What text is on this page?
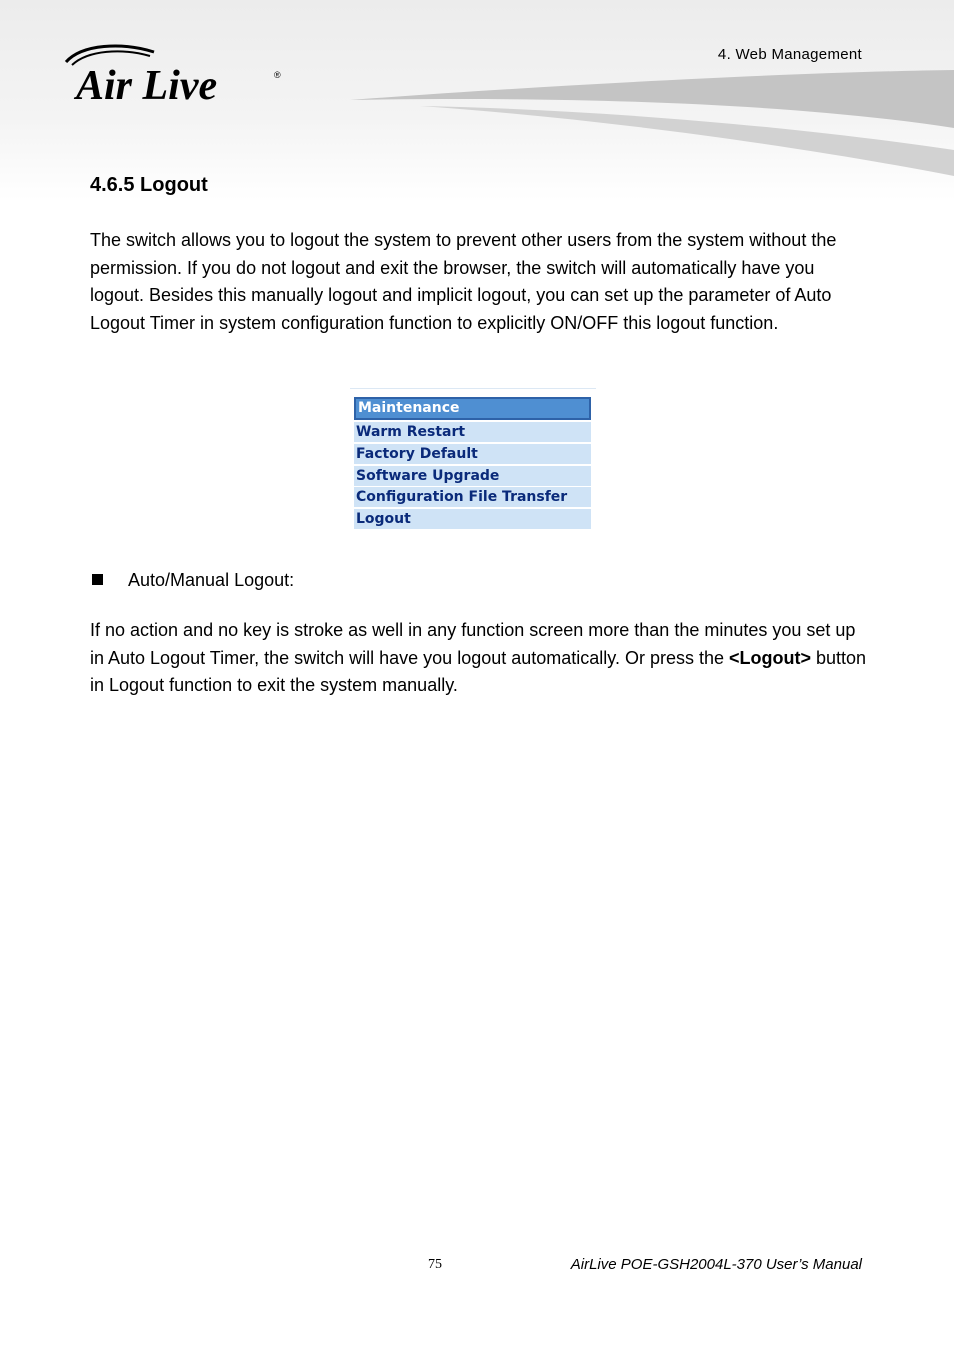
4. Web Management
Air Live	®
4.6.5 Logout

The switch allows you to logout the system to prevent other users from the system without the permission. If you do not logout and exit the browser, the switch will automatically have you logout. Besides this manually logout and implicit logout, you can set up the parameter of Auto Logout Timer in system configuration function to explicitly ON/OFF this logout function.

Maintenance
Warm Restart
Factory Default
Software Upgrade
Configuration File Transfer
Logout
Auto/Manual Logout:

If no action and no key is stroke as well in any function screen more than the minutes you set up in Auto Logout Timer, the switch will have you logout automatically. Or press the <Logout> button in Logout function to exit the system manually.

75	AirLive POE-GSH2004L-370 User’s Manual
